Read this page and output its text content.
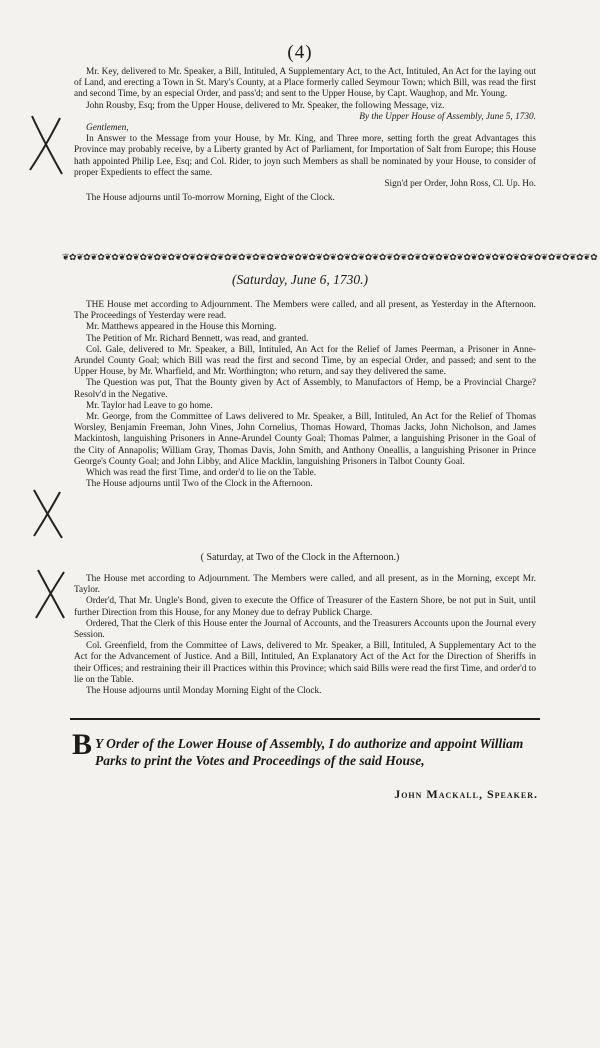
(4)

Mr. Key, delivered to Mr. Speaker, a Bill, Intituled, A Supplementary Act, to the Act, Intituled, An Act for the laying out of Land, and erecting a Town in St. Mary's County, at a Place formerly called Seymour Town; which Bill, was read the first and second Time, by an especial Order, and pass'd; and sent to the Upper House, by Capt. Waughop, and Mr. Young.

John Rousby, Esq; from the Upper House, delivered to Mr. Speaker, the following Message, viz.

By the Upper House of Assembly, June 5, 1730.

Gentlemen,

In Answer to the Message from your House, by Mr. King, and Three more, setting forth the great Advantages this Province may probably receive, by a Liberty granted by Act of Parliament, for Importation of Salt from Europe; this House hath appointed Philip Lee, Esq; and Col. Rider, to joyn such Members as shall be nominated by your House, to consider of proper Expedients to effect the same.

Sign'd per Order, John Ross, Cl. Up. Ho.

The House adjourns until To-morrow Morning, Eight of the Clock.

❦✿❦✿❦✿❦✿❦✿❦✿❦✿❦✿❦✿❦✿❦✿❦✿❦✿❦✿❦✿❦✿❦✿❦✿❦✿❦✿❦✿❦✿❦✿❦✿❦✿❦✿❦✿❦✿❦✿❦✿❦✿❦✿❦✿❦✿❦✿❦✿❦✿❦✿
(Saturday, June 6, 1730.)

THE House met according to Adjournment. The Members were called, and all present, as Yesterday in the Afternoon. The Proceedings of Yesterday were read.

Mr. Matthews appeared in the House this Morning.

The Petition of Mr. Richard Bennett, was read, and granted.

Col. Gale, delivered to Mr. Speaker, a Bill, Intituled, An Act for the Relief of James Peerman, a Prisoner in Anne-Arundel County Goal; which Bill was read the first and second Time, by an especial Order, and passed; and sent to the Upper House, by Mr. Wharfield, and Mr. Worthington; who return, and say they delivered the same.

The Question was put, That the Bounty given by Act of Assembly, to Manufactors of Hemp, be a Provincial Charge? Resolv'd in the Negative.

Mr. Taylor had Leave to go home.

Mr. George, from the Committee of Laws delivered to Mr. Speaker, a Bill, Intituled, An Act for the Relief of Thomas Worsley, Benjamin Freeman, John Vines, John Cornelius, Thomas Howard, Thomas Jacks, John Nicholson, and James Mackintosh, languishing Prisoners in Anne-Arundel County Goal; Thomas Palmer, a languishing Prisoner in the Goal of the City of Annapolis; William Gray, Thomas Davis, John Smith, and Anthony Oneallis, a languishing Prisoner in Prince George's County Goal; and John Libby, and Alice Macklin, languishing Prisoners in Talbot County Goal.

Which was read the first Time, and order'd to lie on the Table.

The House adjourns until Two of the Clock in the Afternoon.

( Saturday, at Two of the Clock in the Afternoon.)

The House met according to Adjournment. The Members were called, and all present, as in the Morning, except Mr. Taylor.

Order'd, That Mr. Ungle's Bond, given to execute the Office of Treasurer of the Eastern Shore, be not put in Suit, until further Direction from this House, for any Money due to defray Publick Charge.

Ordered, That the Clerk of this House enter the Journal of Accounts, and the Treasurers Accounts upon the Journal every Session.

Col. Greenfield, from the Committee of Laws, delivered to Mr. Speaker, a Bill, Intituled, A Supplementary Act to the Act for the Advancement of Justice. And a Bill, Intituled, An Explanatory Act of the Act for the Direction of Sheriffs in their Offices; and restraining their ill Practices within this Province; which said Bills were read the first Time, and order'd to lie on the Table.

The House adjourns until Monday Morning Eight of the Clock.

B Y Order of the Lower House of Assembly, I do authorize and appoint William Parks to print the Votes and Proceedings of the said House,
John Mackall, Speaker.
